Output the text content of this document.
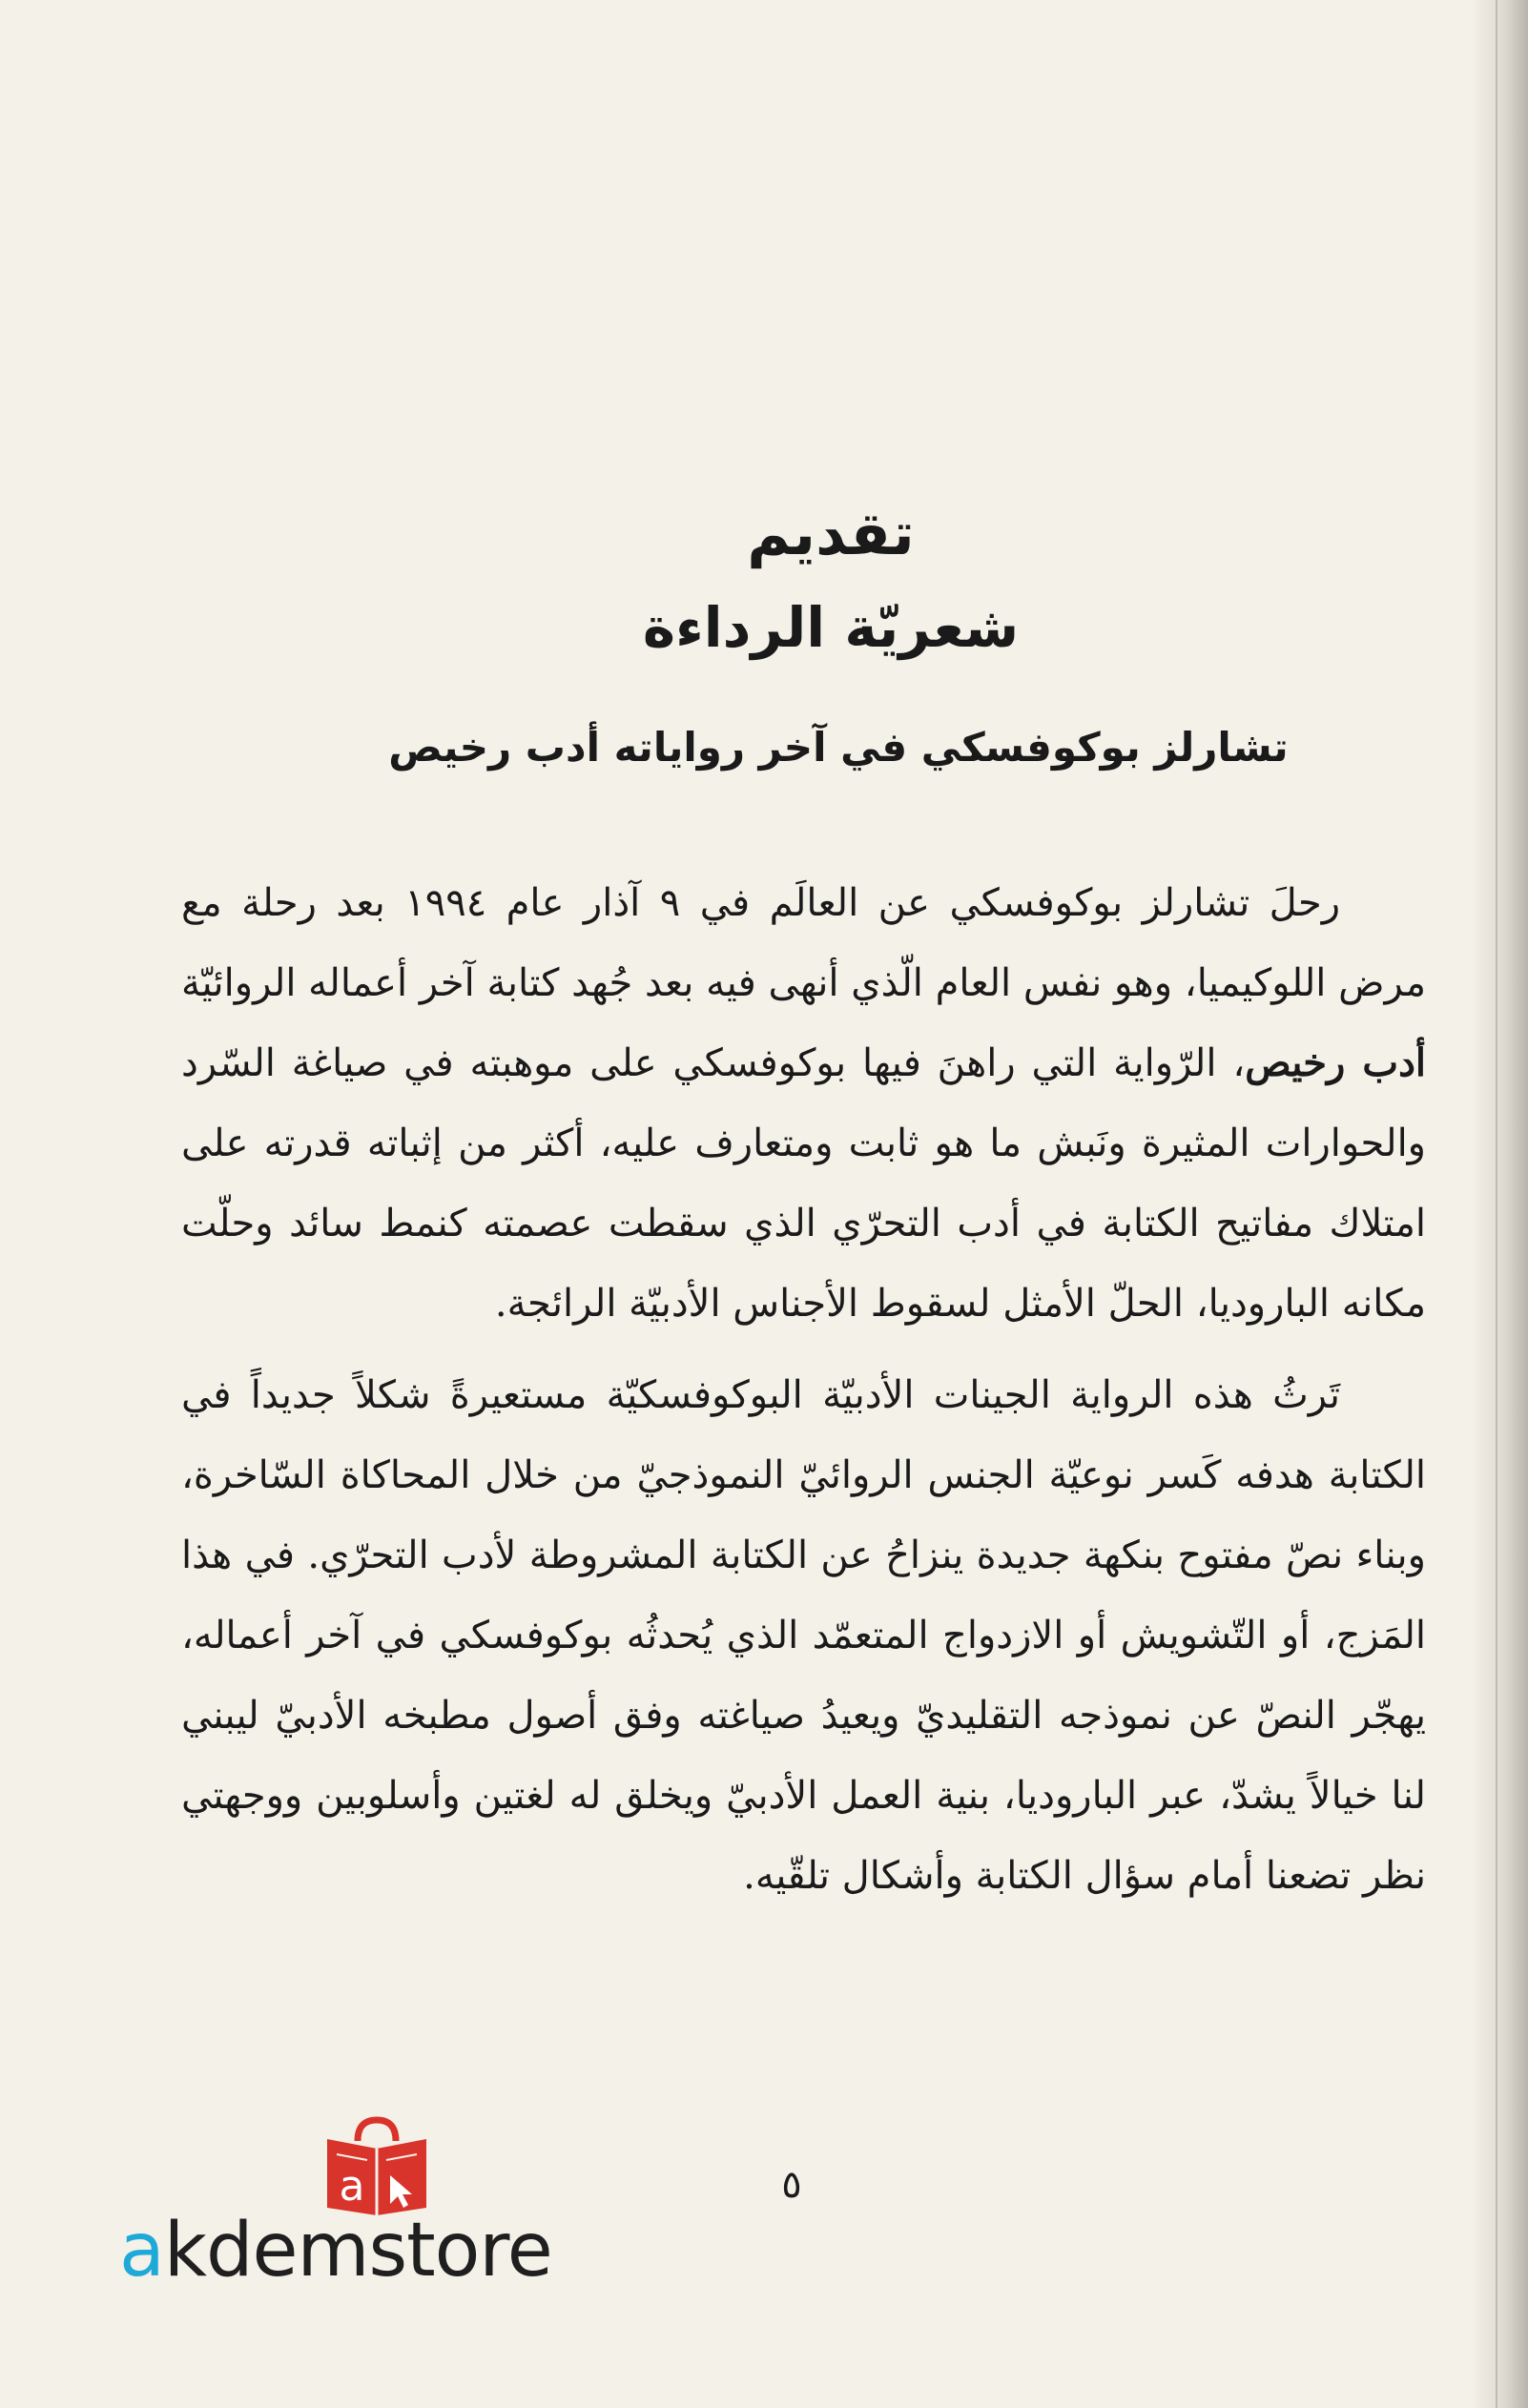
تقديم
شعريّة الرداءة
تشارلز بوكوفسكي في آخر رواياته أدب رخيص

رحلَ تشارلز بوكوفسكي عن العالَم في ٩ آذار عام ١٩٩٤ بعد رحلة مع مرض اللوكيميا، وهو نفس العام الّذي أنهى فيه بعد جُهد كتابة آخر أعماله الروائيّة أدب رخيص، الرّواية التي راهنَ فيها بوكوفسكي على موهبته في صياغة السّرد والحوارات المثيرة ونَبش ما هو ثابت ومتعارف عليه، أكثر من إثباته قدرته على امتلاك مفاتيح الكتابة في أدب التحرّي الذي سقطت عصمته كنمط سائد وحلّت مكانه الباروديا، الحلّ الأمثل لسقوط الأجناس الأدبيّة الرائجة.

تَرثُ هذه الرواية الجينات الأدبيّة البوكوفسكيّة مستعيرةً شكلاً جديداً في الكتابة هدفه كَسر نوعيّة الجنس الروائيّ النموذجيّ من خلال المحاكاة السّاخرة، وبناء نصّ مفتوح بنكهة جديدة ينزاحُ عن الكتابة المشروطة لأدب التحرّي. في هذا المَزج، أو التّشويش أو الازدواج المتعمّد الذي يُحدثُه بوكوفسكي في آخر أعماله، يهجّر النصّ عن نموذجه التقليديّ ويعيدُ صياغته وفق أصول مطبخه الأدبيّ ليبني لنا خيالاً يشدّ، عبر الباروديا، بنية العمل الأدبيّ ويخلق له لغتين وأسلوبين ووجهتي نظر تضعنا أمام سؤال الكتابة وأشكال تلقّيه.

٥
a
akdemstore
